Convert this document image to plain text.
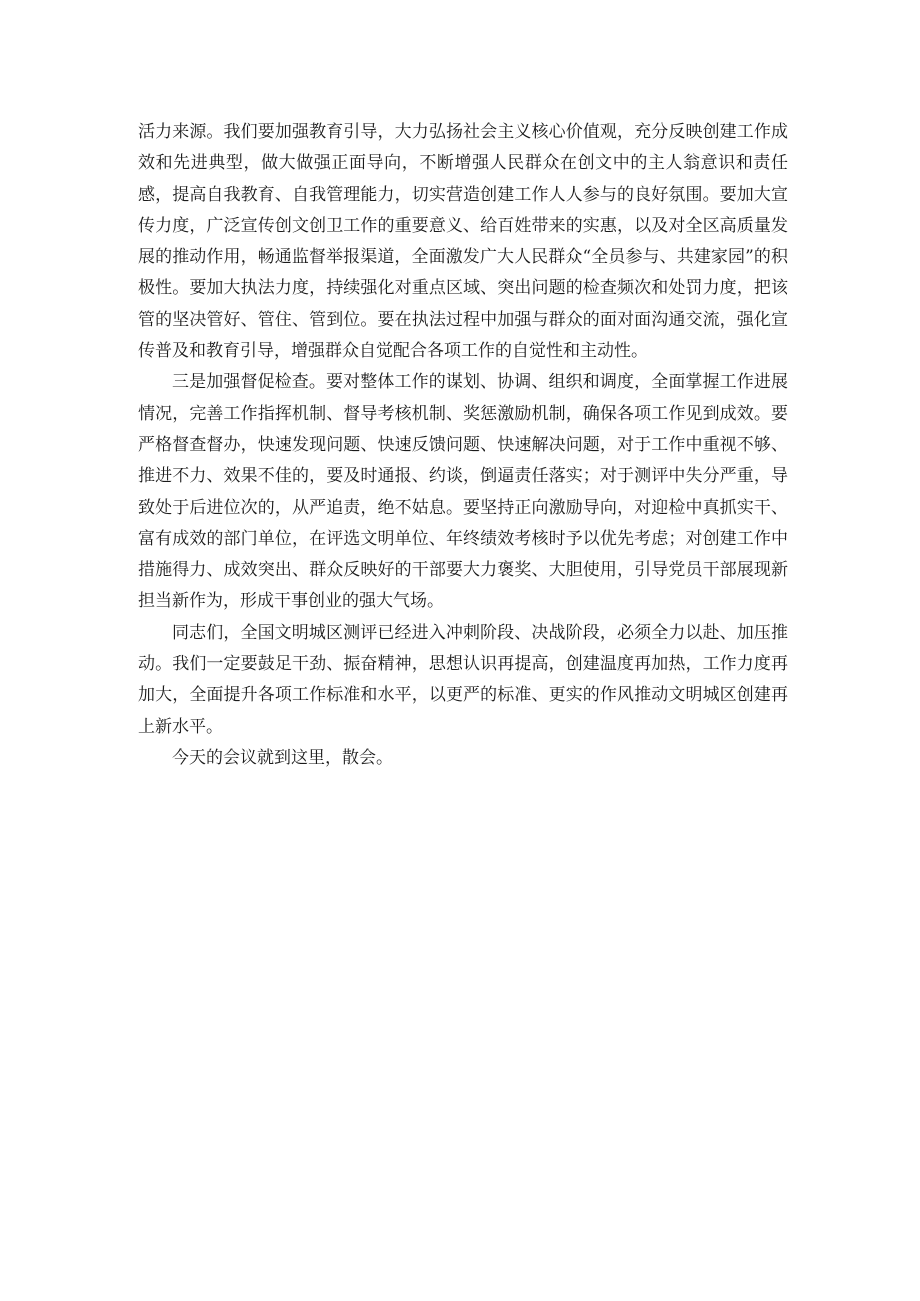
活力来源。我们要加强教育引导，大力弘扬社会主义核心价值观，充分反映创建工作成效和先进典型，做大做强正面导向，不断增强人民群众在创文中的主人翁意识和责任感，提高自我教育、自我管理能力，切实营造创建工作人人参与的良好氛围。要加大宣传力度，广泛宣传创文创卫工作的重要意义、给百姓带来的实惠，以及对全区高质量发展的推动作用，畅通监督举报渠道，全面激发广大人民群众“全员参与、共建家园”的积极性。要加大执法力度，持续强化对重点区域、突出问题的检查频次和处罚力度，把该管的坚决管好、管住、管到位。要在执法过程中加强与群众的面对面沟通交流，强化宣传普及和教育引导，增强群众自觉配合各项工作的自觉性和主动性。

三是加强督促检查。要对整体工作的谋划、协调、组织和调度，全面掌握工作进展情况，完善工作指挥机制、督导考核机制、奖惩激励机制，确保各项工作见到成效。要严格督查督办，快速发现问题、快速反馈问题、快速解决问题，对于工作中重视不够、推进不力、效果不佳的，要及时通报、约谈，倒逼责任落实；对于测评中失分严重，导致处于后进位次的，从严追责，绝不姑息。要坚持正向激励导向，对迎检中真抓实干、富有成效的部门单位，在评选文明单位、年终绩效考核时予以优先考虑；对创建工作中措施得力、成效突出、群众反映好的干部要大力褒奖、大胆使用，引导党员干部展现新担当新作为，形成干事创业的强大气场。

同志们，全国文明城区测评已经进入冲刺阶段、决战阶段，必须全力以赴、加压推动。我们一定要鼓足干劲、振奋精神，思想认识再提高，创建温度再加热，工作力度再加大，全面提升各项工作标准和水平，以更严的标准、更实的作风推动文明城区创建再上新水平。

今天的会议就到这里，散会。
